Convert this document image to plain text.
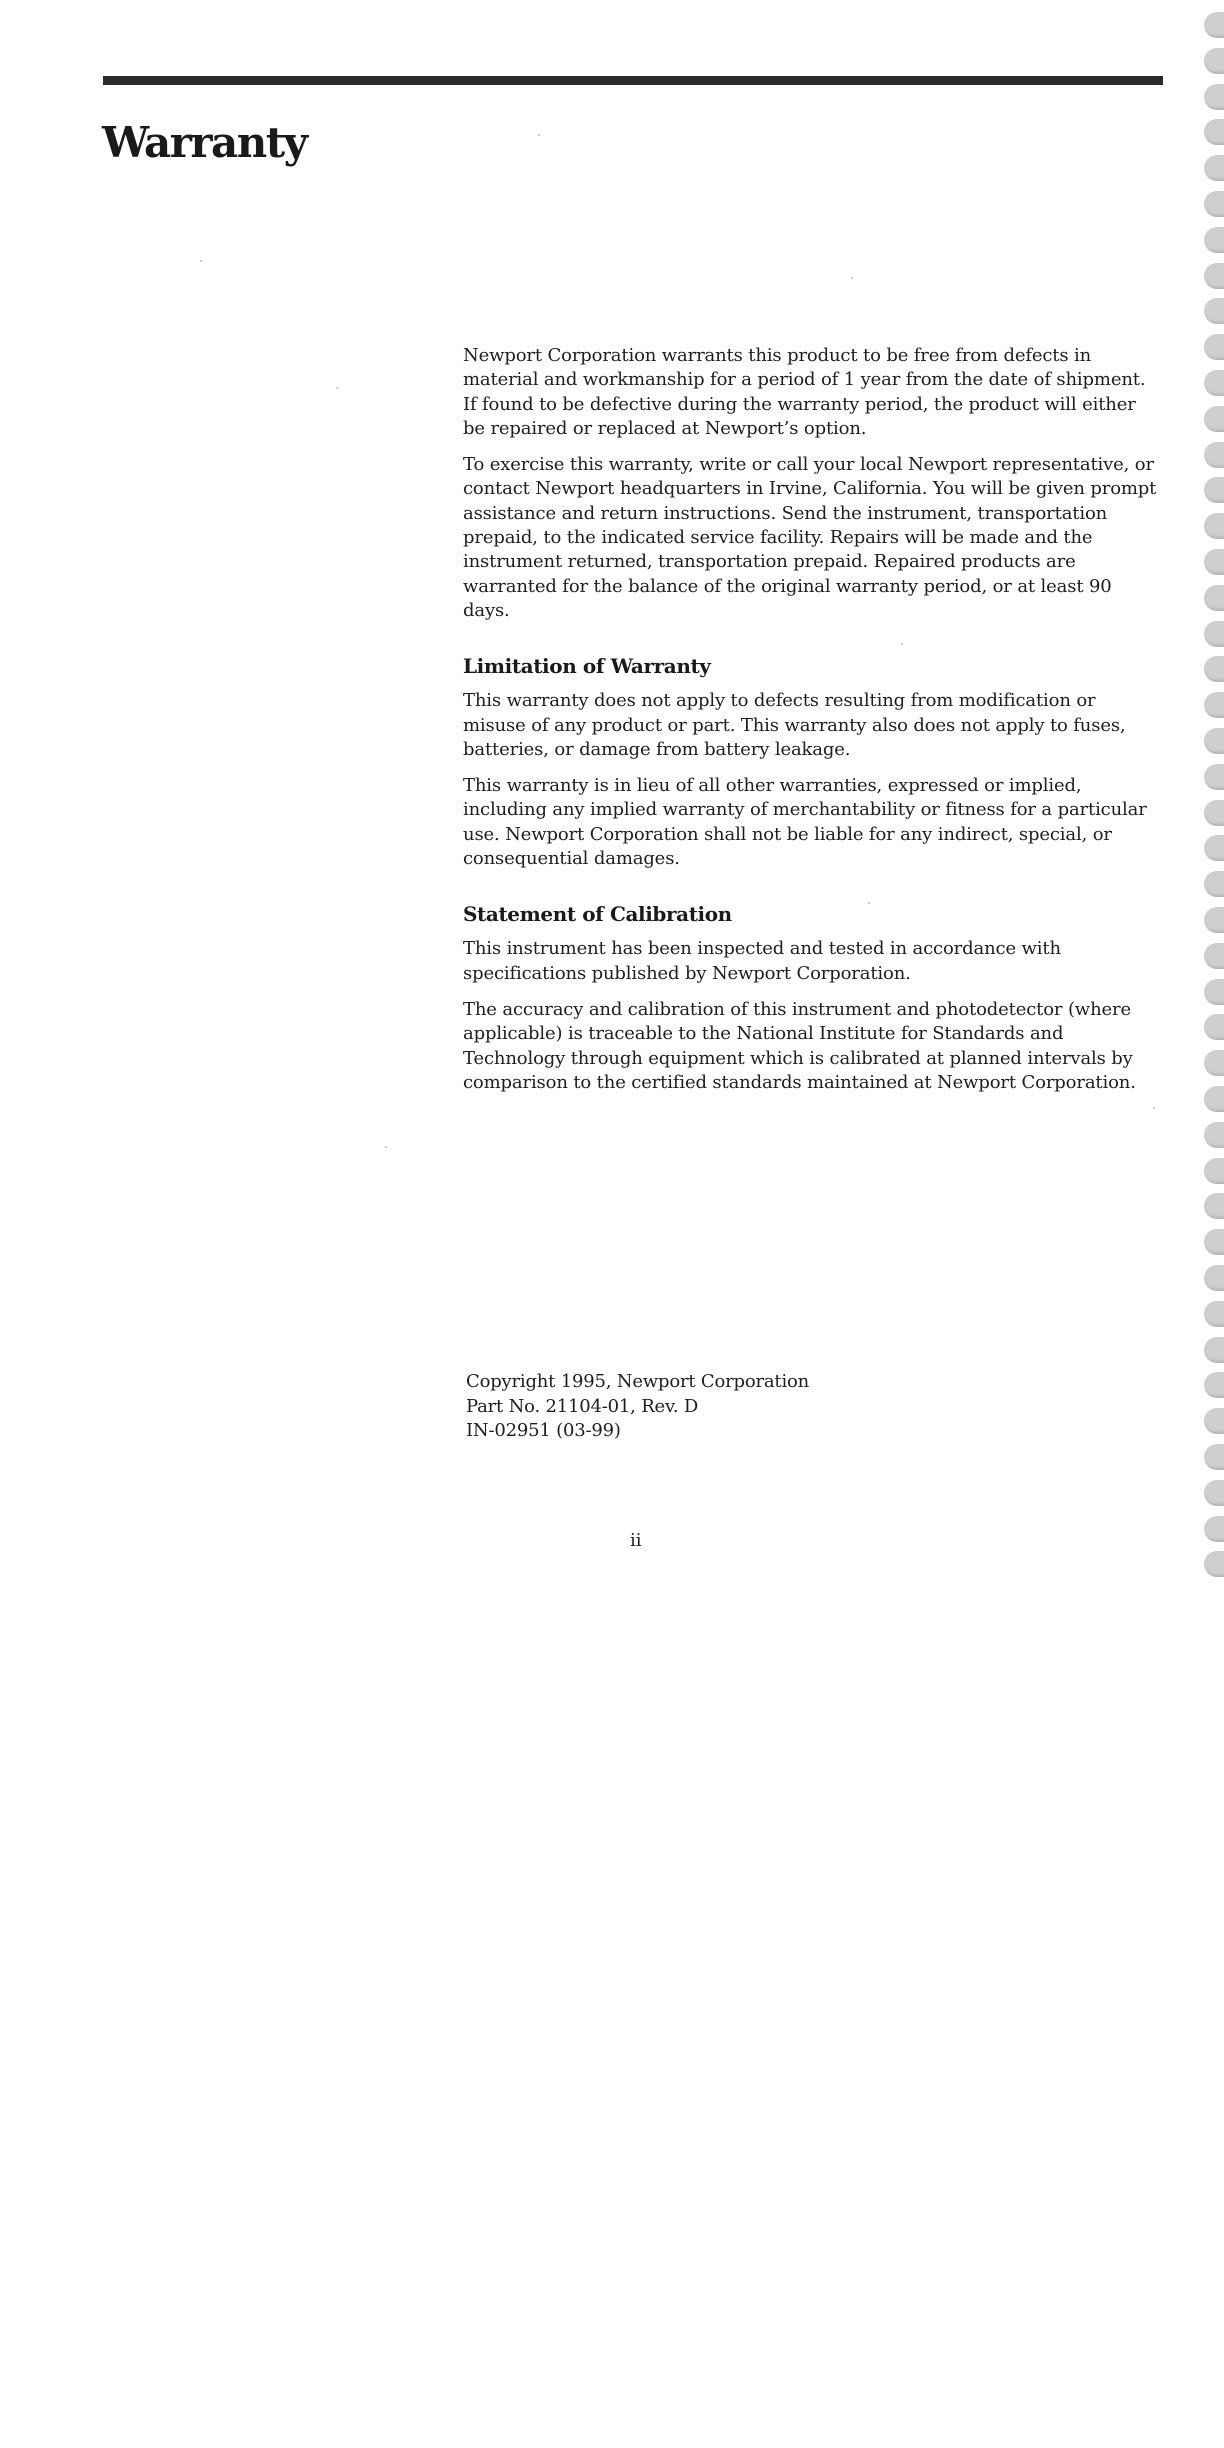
Warranty

Newport Corporation warrants this product to be free from defects in material and workmanship for a period of 1 year from the date of shipment. If found to be defective during the warranty period, the product will either be repaired or replaced at Newport’s option.

To exercise this warranty, write or call your local Newport representative, or contact Newport headquarters in Irvine, California. You will be given prompt assistance and return instructions. Send the instrument, transportation prepaid, to the indicated service facility. Repairs will be made and the instrument returned, transportation prepaid. Repaired products are warranted for the balance of the original warranty period, or at least 90 days.

Limitation of Warranty

This warranty does not apply to defects resulting from modification or misuse of any product or part. This warranty also does not apply to fuses, batteries, or damage from battery leakage.

This warranty is in lieu of all other warranties, expressed or implied, including any implied warranty of merchantability or fitness for a particular use. Newport Corporation shall not be liable for any indirect, special, or consequential damages.

Statement of Calibration

This instrument has been inspected and tested in accordance with specifications published by Newport Corporation.

The accuracy and calibration of this instrument and photodetector (where applicable) is traceable to the National Institute for Standards and Technology through equipment which is calibrated at planned intervals by comparison to the certified standards maintained at Newport Corporation.

Copyright 1995, Newport Corporation
Part No. 21104-01, Rev. D
IN-02951 (03-99)
ii
